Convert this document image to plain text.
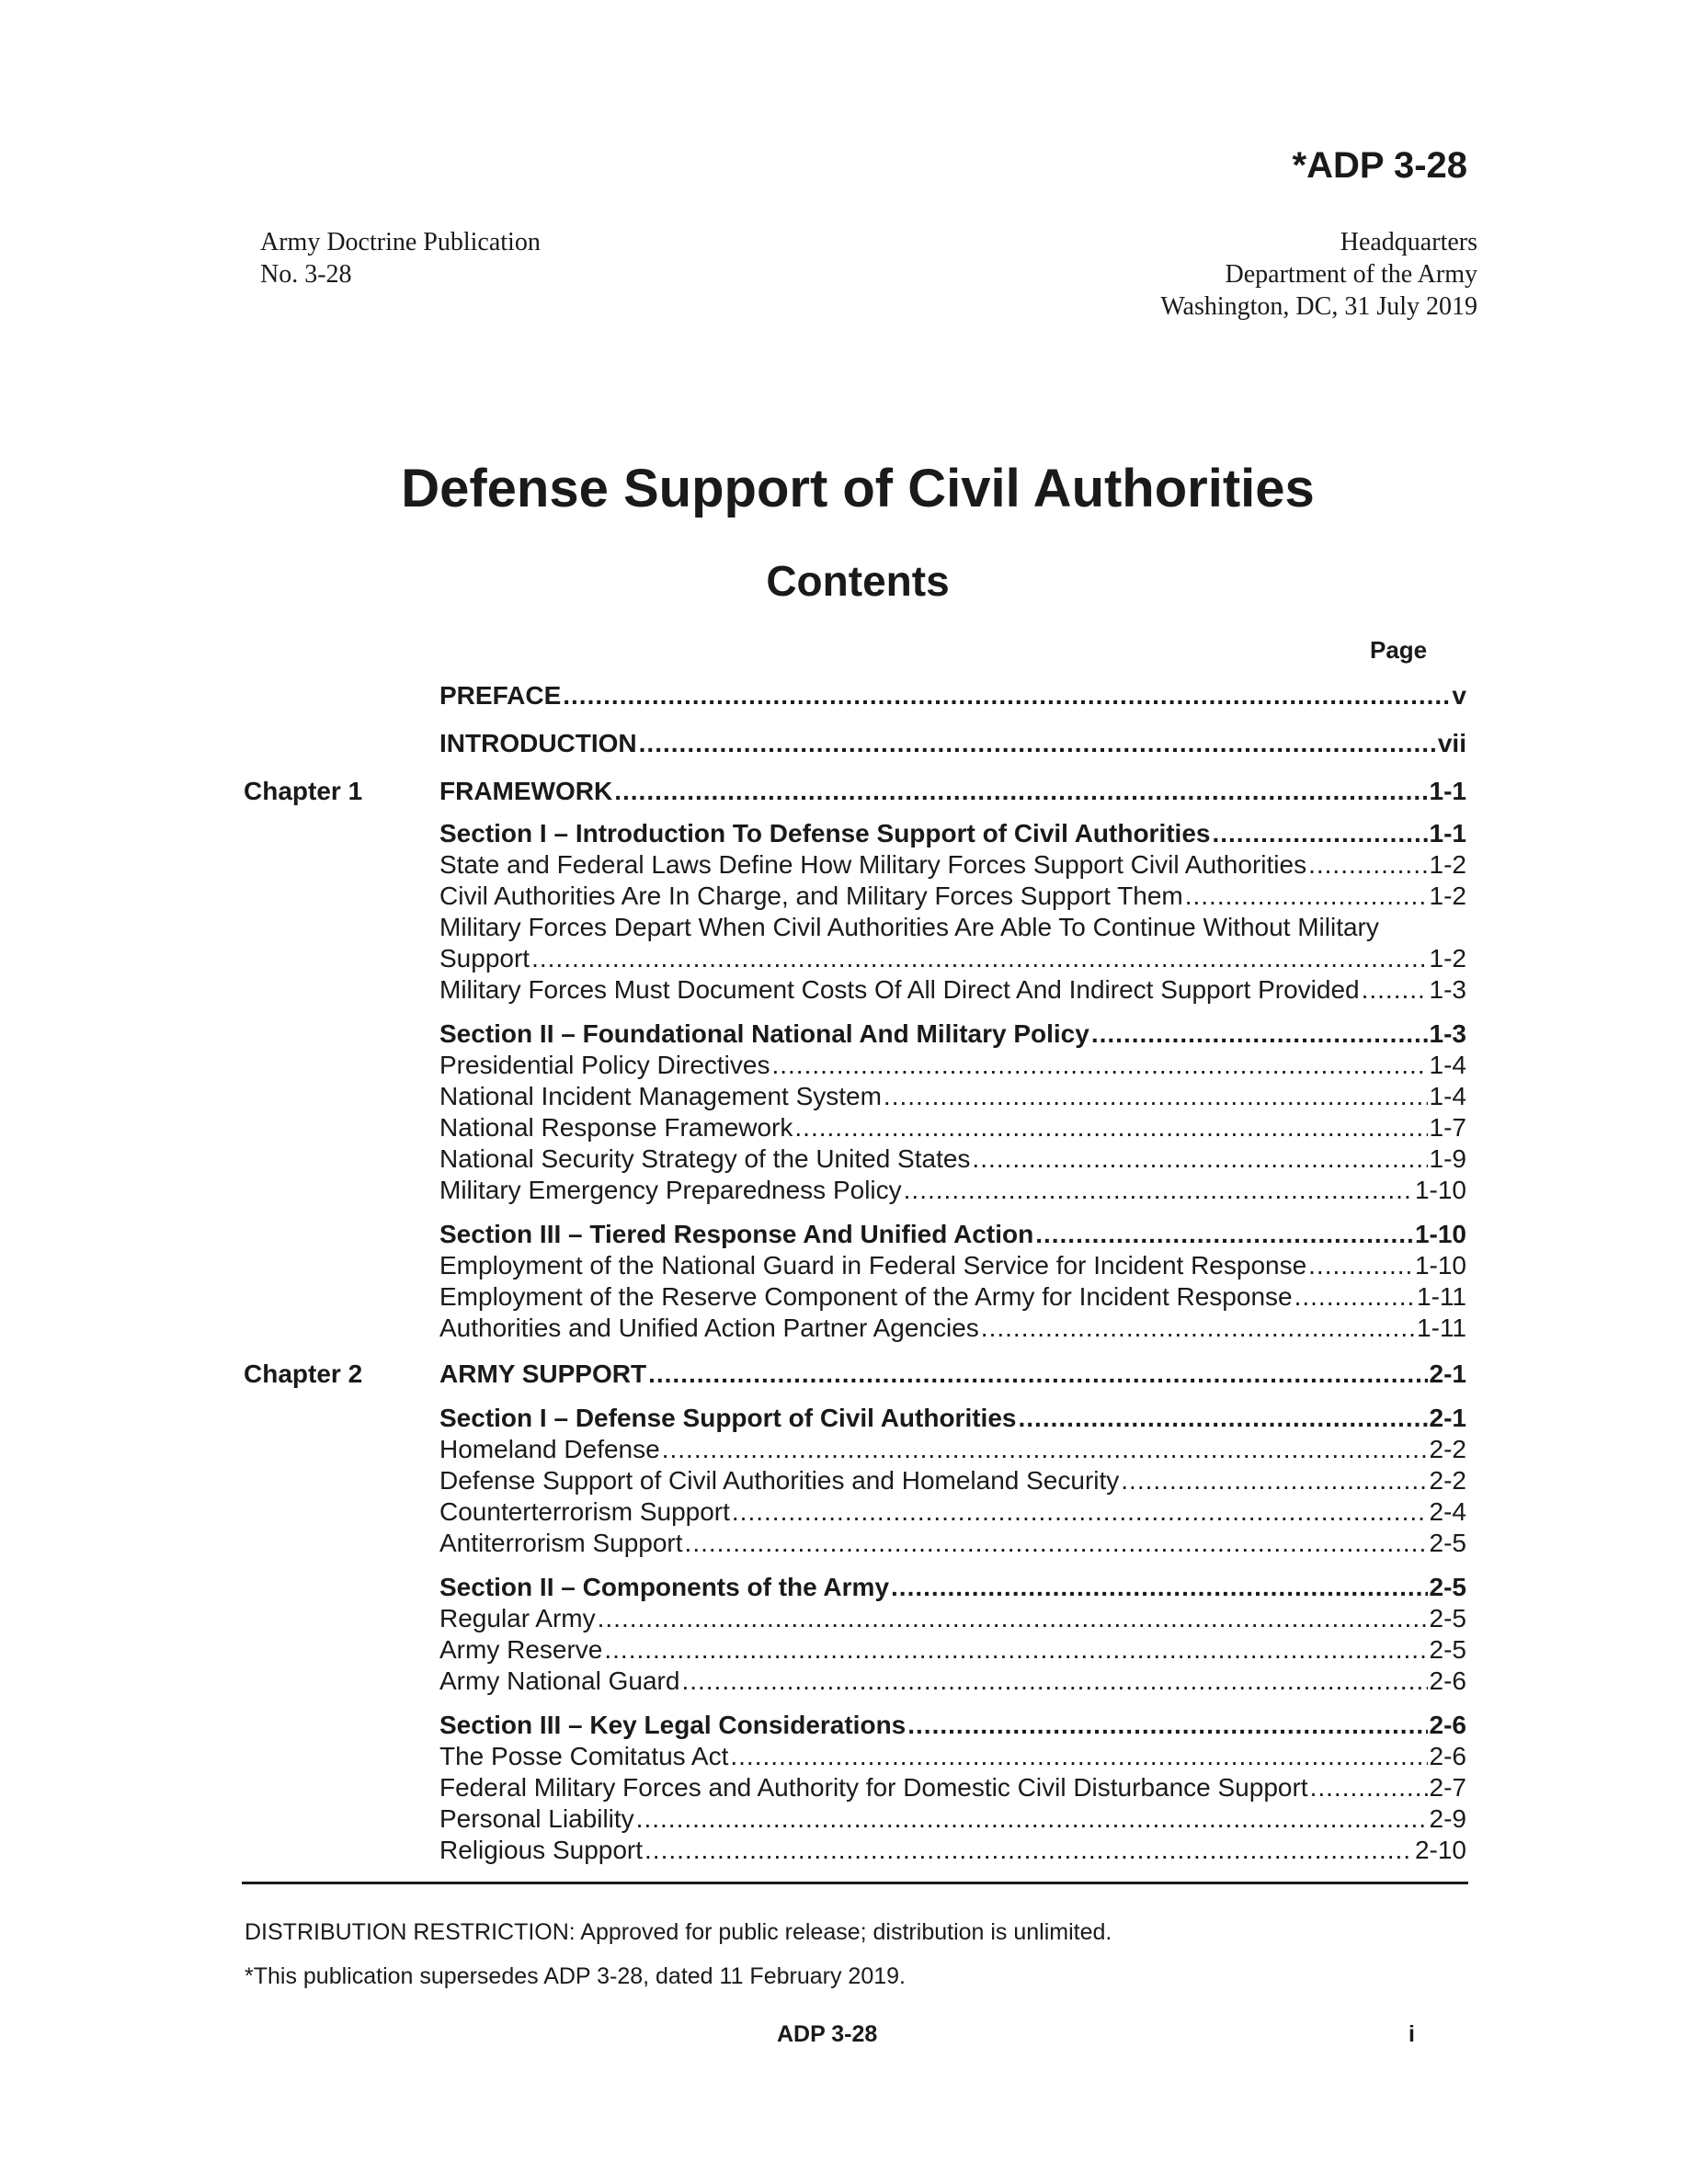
*ADP 3-28
Army Doctrine Publication
No. 3-28
Headquarters
Department of the Army
Washington, DC, 31 July 2019
Defense Support of Civil Authorities
Contents
Page
PREFACE .....	v
INTRODUCTION .....	vii
Chapter 1	FRAMEWORK .....	1-1
Section I – Introduction To Defense Support of Civil Authorities .....	1-1
State and Federal Laws Define How Military Forces Support Civil Authorities .....	1-2
Civil Authorities Are In Charge, and Military Forces Support Them .....	1-2
Military Forces Depart When Civil Authorities Are Able To Continue Without Military
Support .....	1-2
Military Forces Must Document Costs Of All Direct And Indirect Support Provided .....	1-3
Section II – Foundational National And Military Policy .....	1-3
Presidential Policy Directives .....	1-4
National Incident Management System .....	1-4
National Response Framework .....	1-7
National Security Strategy of the United States .....	1-9
Military Emergency Preparedness Policy .....	1-10
Section III – Tiered Response And Unified Action .....	1-10
Employment of the National Guard in Federal Service for Incident Response .....	1-10
Employment of the Reserve Component of the Army for Incident Response .....	1-11
Authorities and Unified Action Partner Agencies .....	1-11
Chapter 2	ARMY SUPPORT .....	2-1
Section I – Defense Support of Civil Authorities .....	2-1
Homeland Defense .....	2-2
Defense Support of Civil Authorities and Homeland Security .....	2-2
Counterterrorism Support .....	2-4
Antiterrorism Support .....	2-5
Section II – Components of the Army .....	2-5
Regular Army .....	2-5
Army Reserve .....	2-5
Army National Guard .....	2-6
Section III – Key Legal Considerations .....	2-6
The Posse Comitatus Act .....	2-6
Federal Military Forces and Authority for Domestic Civil Disturbance Support .....	2-7
Personal Liability .....	2-9
Religious Support .....	2-10
DISTRIBUTION RESTRICTION: Approved for public release; distribution is unlimited.
*This publication supersedes ADP 3-28, dated 11 February 2019.
ADP 3-28	i
